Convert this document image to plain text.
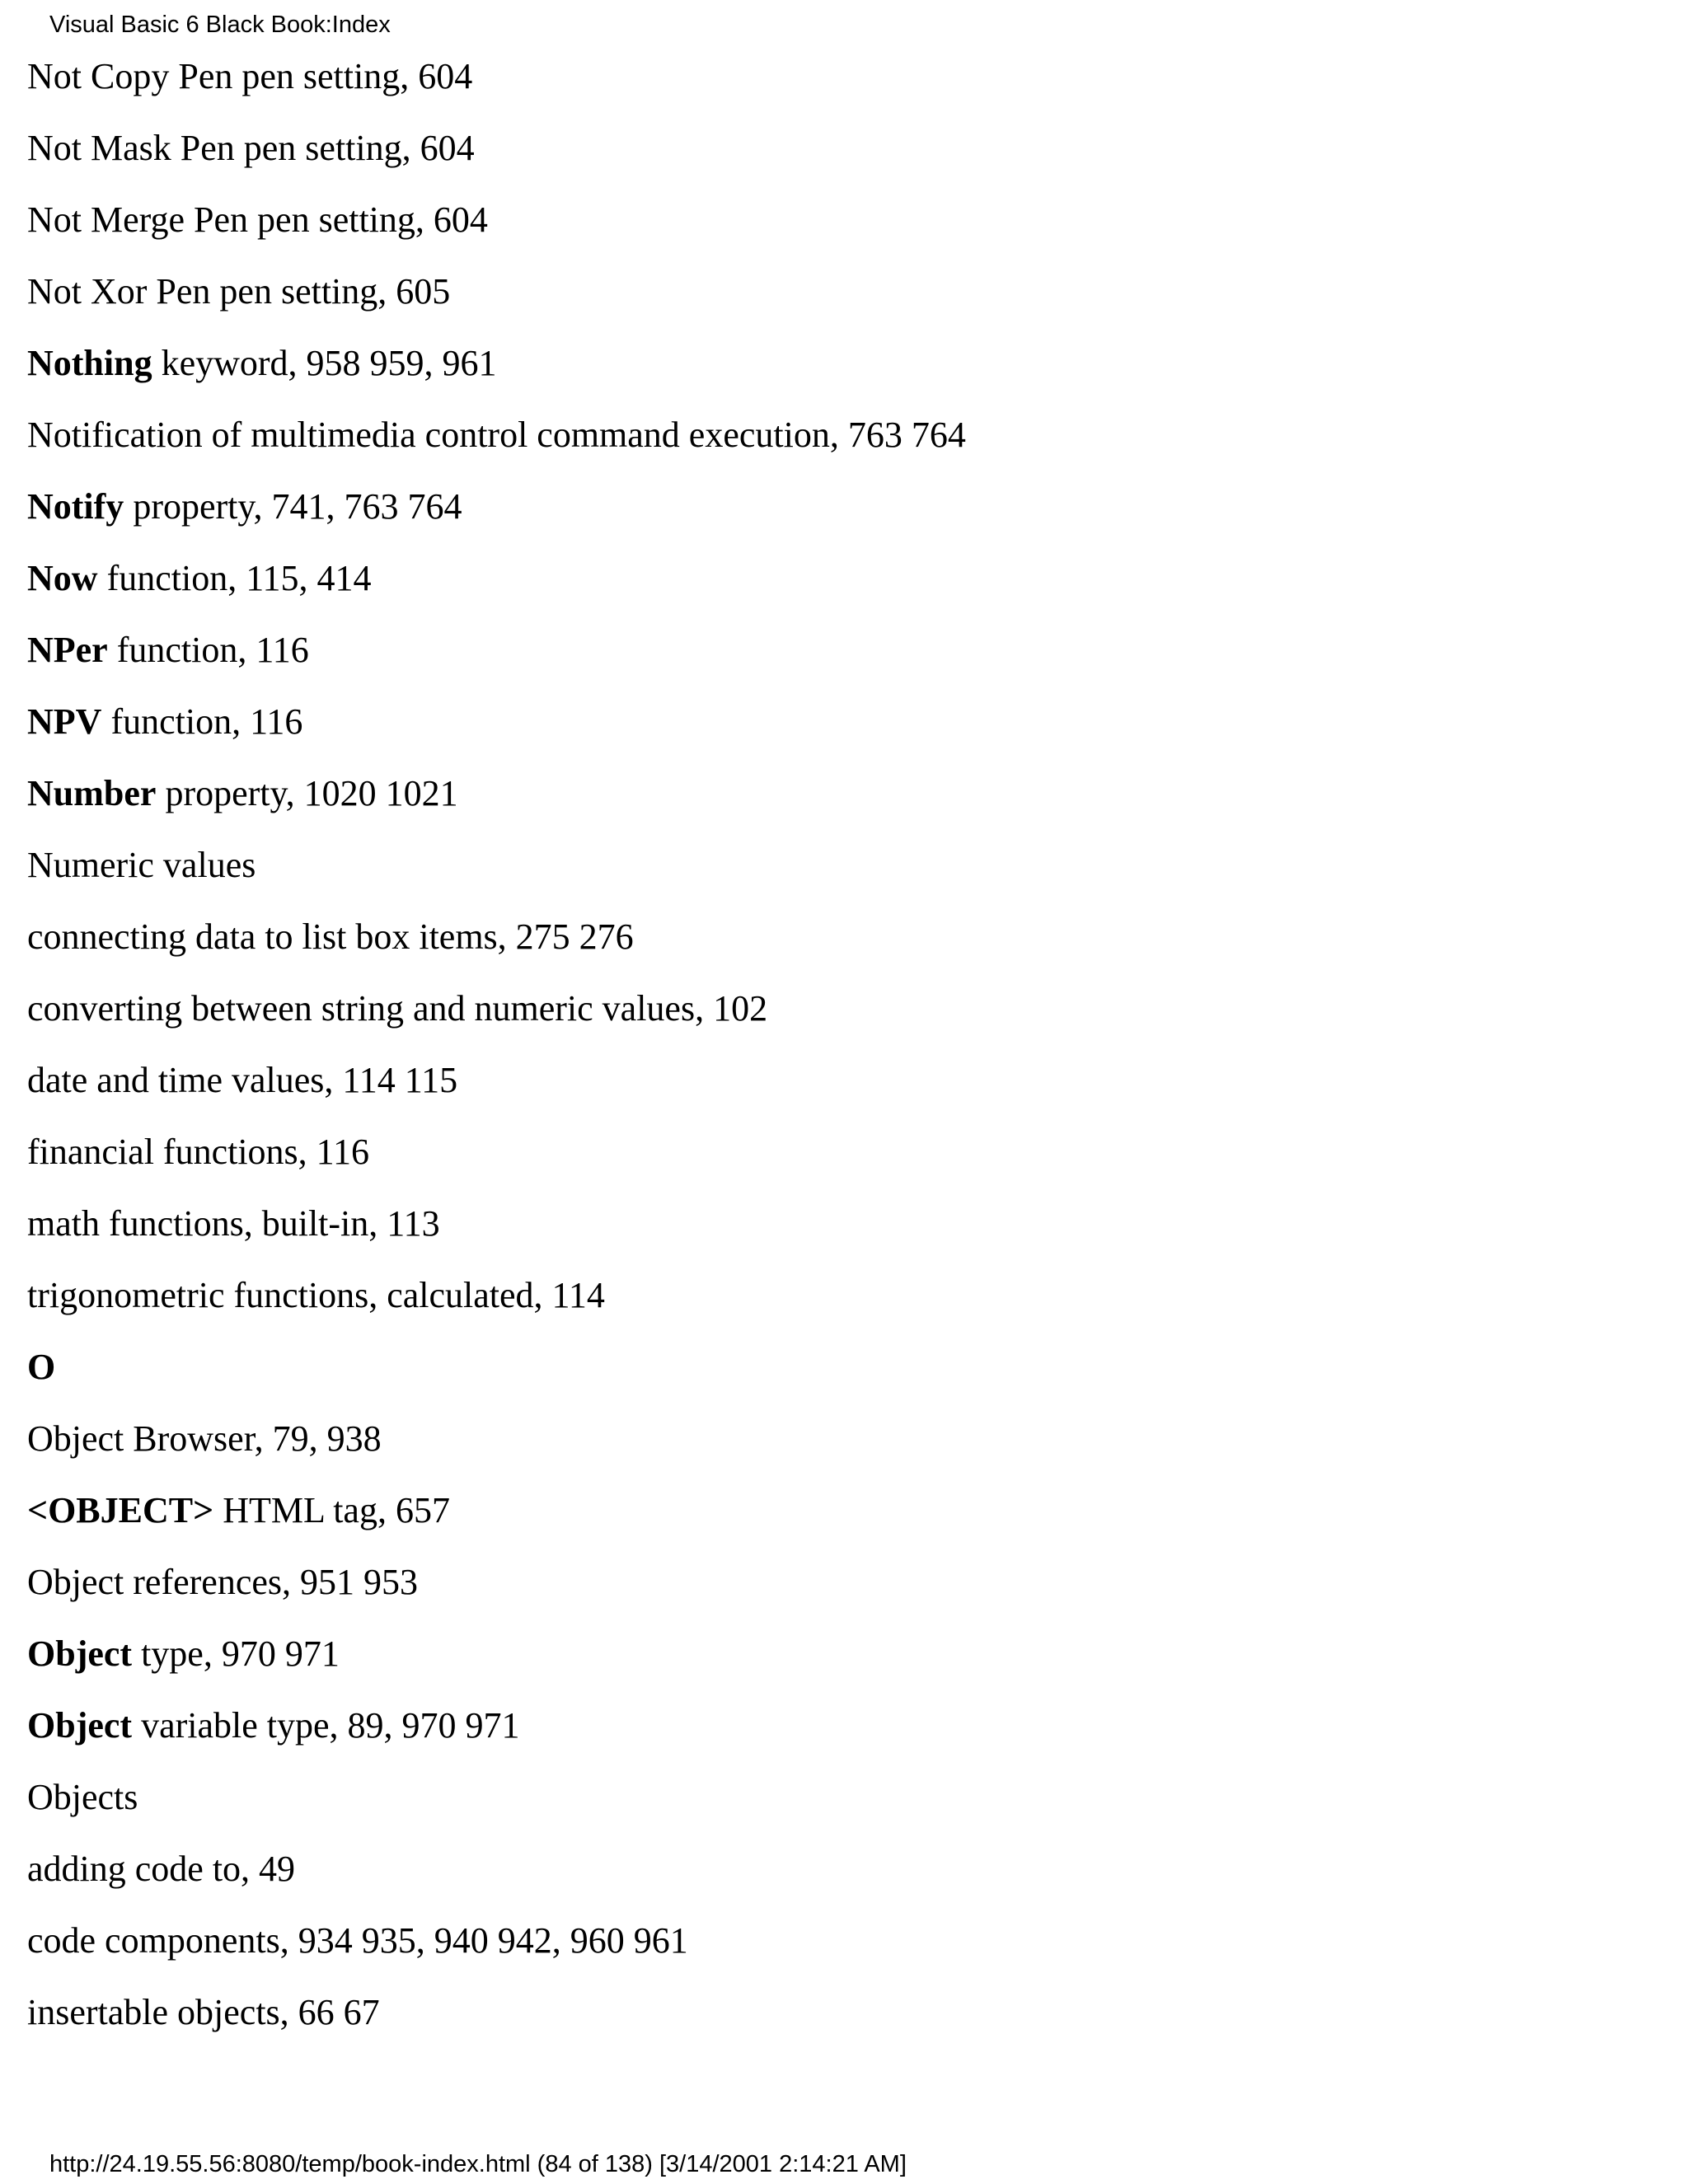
Visual Basic 6 Black Book:Index
Not Copy Pen pen setting, 604
Not Mask Pen pen setting, 604
Not Merge Pen pen setting, 604
Not Xor Pen pen setting, 605
Nothing keyword, 958 959, 961
Notification of multimedia control command execution, 763 764
Notify property, 741, 763 764
Now function, 115, 414
NPer function, 116
NPV function, 116
Number property, 1020 1021
Numeric values
connecting data to list box items, 275 276
converting between string and numeric values, 102
date and time values, 114 115
financial functions, 116
math functions, built-in, 113
trigonometric functions, calculated, 114
O
Object Browser, 79, 938
<OBJECT> HTML tag, 657
Object references, 951 953
Object type, 970 971
Object variable type, 89, 970 971
Objects
adding code to, 49
code components, 934 935, 940 942, 960 961
insertable objects, 66 67
http://24.19.55.56:8080/temp/book-index.html (84 of 138) [3/14/2001 2:14:21 AM]
